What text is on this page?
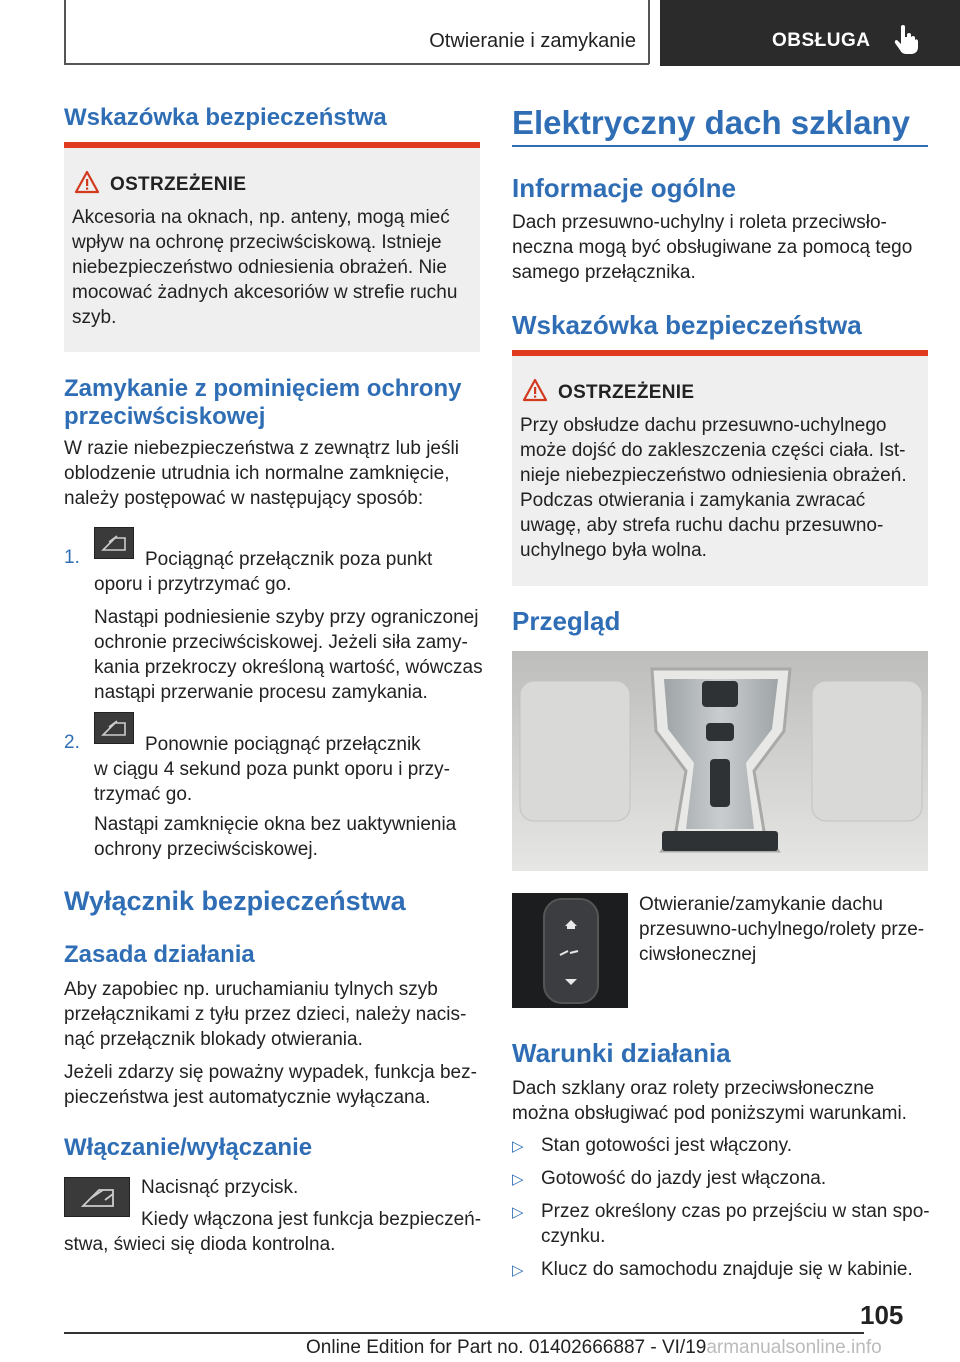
Otwieranie i zamykanie	OBSŁUGA
Wskazówka bezpieczeństwa
OSTRZEŻENIE
Akcesoria na oknach, np. anteny, mogą mieć
wpływ na ochronę przeciwściskową. Istnieje
niebezpieczeństwo odniesienia obrażeń. Nie
mocować żadnych akcesoriów w strefie ruchu
szyb.
Zamykanie z pominięciem ochrony
przeciwściskowej
W razie niebezpieczeństwa z zewnątrz lub jeśli
oblodzenie utrudnia ich normalne zamknięcie,
należy postępować w następujący sposób:
1.	Pociągnąć przełącznik poza punkt
oporu i przytrzymać go.
Nastąpi podniesienie szyby przy ograniczonej
ochronie przeciwściskowej. Jeżeli siła zamy-
kania przekroczy określoną wartość, wówczas
nastąpi przerwanie procesu zamykania.
2.	Ponownie pociągnąć przełącznik
w ciągu 4 sekund poza punkt oporu i przy-
trzymać go.
Nastąpi zamknięcie okna bez uaktywnienia
ochrony przeciwściskowej.
Wyłącznik bezpieczeństwa
Zasada działania
Aby zapobiec np. uruchamianiu tylnych szyb
przełącznikami z tyłu przez dzieci, należy nacis-
nąć przełącznik blokady otwierania.
Jeżeli zdarzy się poważny wypadek, funkcja bez-
pieczeństwa jest automatycznie wyłączana.
Włączanie/wyłączanie
Nacisnąć przycisk.
Kiedy włączona jest funkcja bezpieczeń-
stwa, świeci się dioda kontrolna.
Elektryczny dach szklany
Informacje ogólne
Dach przesuwno-uchylny i roleta przeciwsło-
neczna mogą być obsługiwane za pomocą tego
samego przełącznika.
Wskazówka bezpieczeństwa
OSTRZEŻENIE
Przy obsłudze dachu przesuwno-uchylnego
może dojść do zakleszczenia części ciała. Ist-
nieje niebezpieczeństwo odniesienia obrażeń.
Podczas otwierania i zamykania zwracać
uwagę, aby strefa ruchu dachu przesuwno-
uchylnego była wolna.
Przegląd
Otwieranie/zamykanie dachu
przesuwno-uchylnego/rolety prze-
ciwsłonecznej
Warunki działania
Dach szklany oraz rolety przeciwsłoneczne
można obsługiwać pod poniższymi warunkami.
▷ Stan gotowości jest włączony.
▷ Gotowość do jazdy jest włączona.
▷ Przez określony czas po przejściu w stan spo-
czynku.
▷ Klucz do samochodu znajduje się w kabinie.
105
Online Edition for Part no. 01402666887 - VI/19armanualsonline.info
